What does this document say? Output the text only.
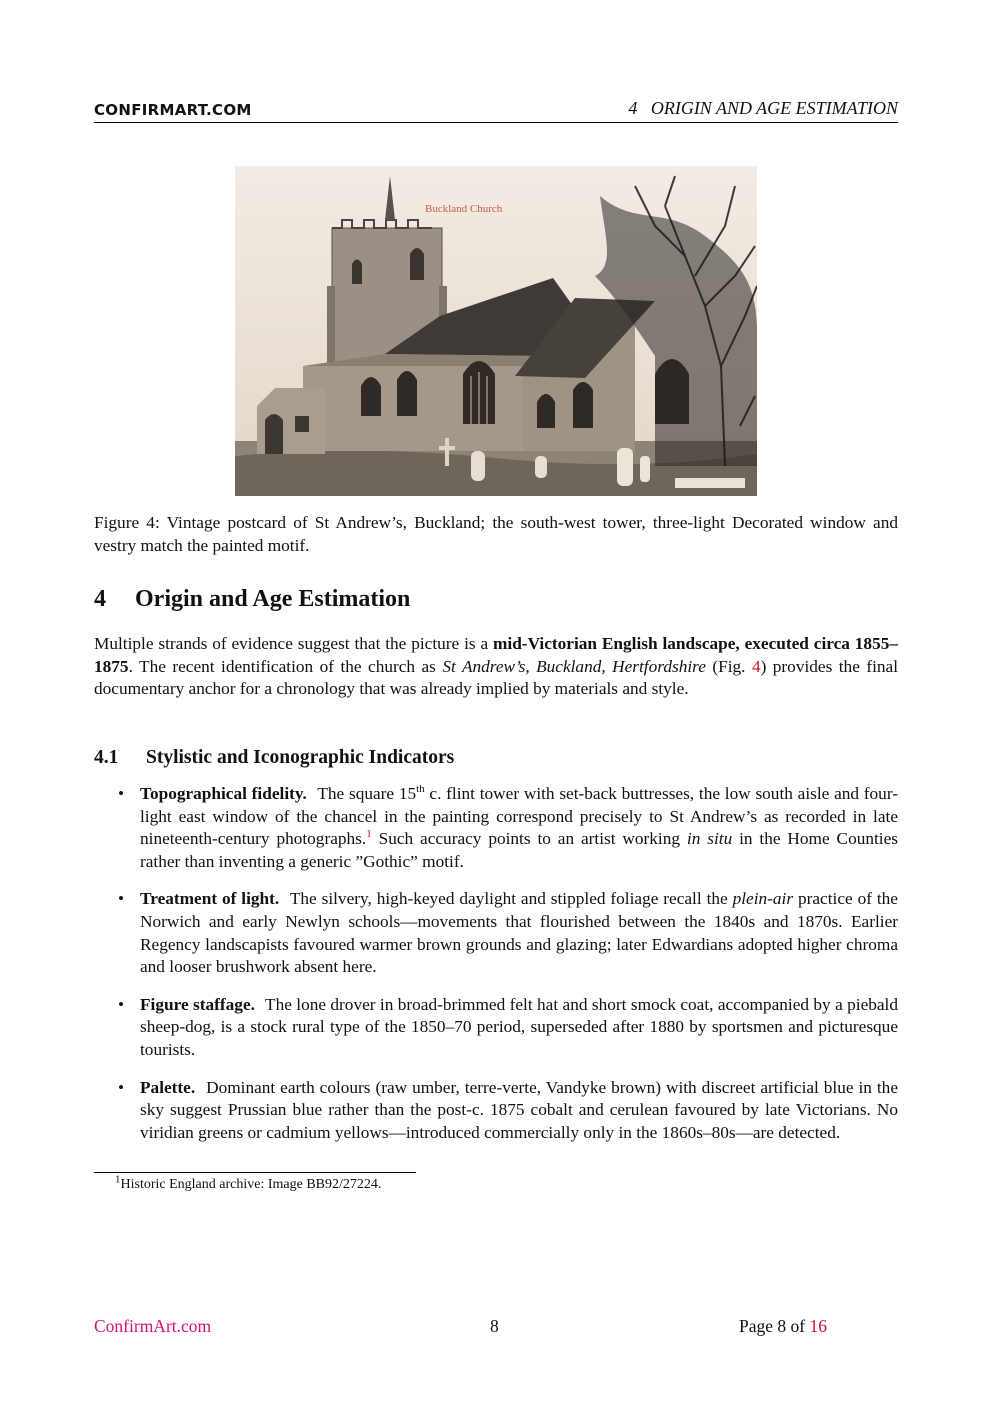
CONFIRMART.COM	4   ORIGIN AND AGE ESTIMATION
Buckland Church
Figure 4: Vintage postcard of St Andrew’s, Buckland; the south-west tower, three-light Decorated window and vestry match the painted motif.
4 Origin and Age Estimation
Multiple strands of evidence suggest that the picture is a mid-Victorian English landscape, executed circa 1855–1875. The recent identification of the church as St Andrew’s, Buckland, Hertfordshire (Fig. 4) provides the final documentary anchor for a chronology that was already implied by materials and style.
4.1 Stylistic and Iconographic Indicators
• Topographical fidelity. The square 15th c. flint tower with set-back buttresses, the low south aisle and four-light east window of the chancel in the painting correspond precisely to St Andrew’s as recorded in late nineteenth-century photographs.$^1$ Such accuracy points to an artist working in situ in the Home Counties rather than inventing a generic ”Gothic” motif.
• Treatment of light. The silvery, high-keyed daylight and stippled foliage recall the plein-air practice of the Norwich and early Newlyn schools—movements that flourished between the 1840s and 1870s. Earlier Regency landscapists favoured warmer brown grounds and glazing; later Edwardians adopted higher chroma and looser brushwork absent here.
• Figure staffage. The lone drover in broad-brimmed felt hat and short smock coat, accompanied by a piebald sheep-dog, is a stock rural type of the 1850–70 period, superseded after 1880 by sportsmen and picturesque tourists.
• Palette. Dominant earth colours (raw umber, terre-verte, Vandyke brown) with discreet artificial blue in the sky suggest Prussian blue rather than the post-c. 1875 cobalt and cerulean favoured by late Victorians. No viridian greens or cadmium yellows—introduced commercially only in the 1860s–80s—are detected.
$^1$Historic England archive: Image BB92/27224.
ConfirmArt.com	8	Page 8 of 16
